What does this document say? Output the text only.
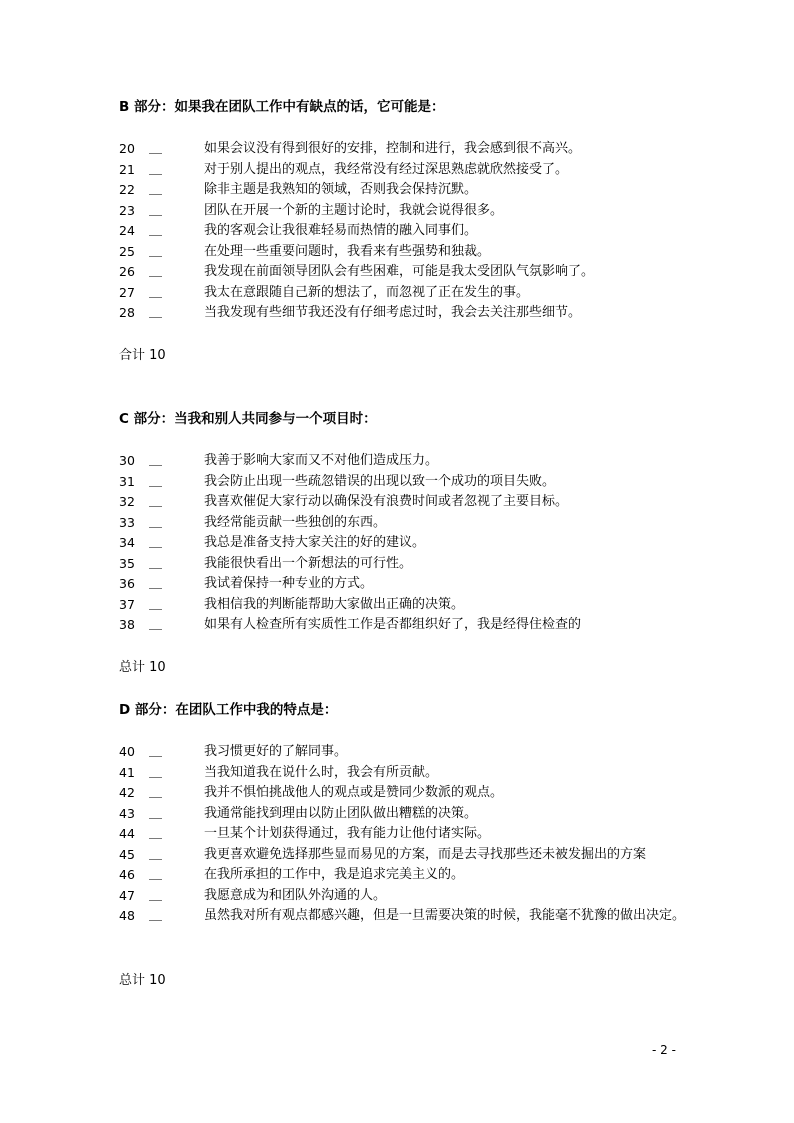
B 部分：如果我在团队工作中有缺点的话，它可能是：
20	＿	如果会议没有得到很好的安排，控制和进行，我会感到很不高兴。
21	＿	对于别人提出的观点，我经常没有经过深思熟虑就欣然接受了。
22	＿	除非主题是我熟知的领域，否则我会保持沉默。
23	＿	团队在开展一个新的主题讨论时，我就会说得很多。
24	＿	我的客观会让我很难轻易而热情的融入同事们。
25	＿	在处理一些重要问题时，我看来有些强势和独裁。
26	＿	我发现在前面领导团队会有些困难，可能是我太受团队气氛影响了。
27	＿	我太在意跟随自己新的想法了，而忽视了正在发生的事。
28	＿	当我发现有些细节我还没有仔细考虑过时，我会去关注那些细节。
合计 10
C 部分：当我和别人共同参与一个项目时：
30	＿	我善于影响大家而又不对他们造成压力。
31	＿	我会防止出现一些疏忽错误的出现以致一个成功的项目失败。
32	＿	我喜欢催促大家行动以确保没有浪费时间或者忽视了主要目标。
33	＿	我经常能贡献一些独创的东西。
34	＿	我总是准备支持大家关注的好的建议。
35	＿	我能很快看出一个新想法的可行性。
36	＿	我试着保持一种专业的方式。
37	＿	我相信我的判断能帮助大家做出正确的决策。
38	＿	如果有人检查所有实质性工作是否都组织好了，我是经得住检查的
总计 10
D 部分：在团队工作中我的特点是：
40	＿	我习惯更好的了解同事。
41	＿	当我知道我在说什么时，我会有所贡献。
42	＿	我并不惧怕挑战他人的观点或是赞同少数派的观点。
43	＿	我通常能找到理由以防止团队做出糟糕的决策。
44	＿	一旦某个计划获得通过，我有能力让他付诸实际。
45	＿	我更喜欢避免选择那些显而易见的方案，而是去寻找那些还未被发掘出的方案
46	＿	在我所承担的工作中，我是追求完美主义的。
47	＿	我愿意成为和团队外沟通的人。
48	＿	虽然我对所有观点都感兴趣，但是一旦需要决策的时候，我能毫不犹豫的做出决定。
总计 10
- 2 -
